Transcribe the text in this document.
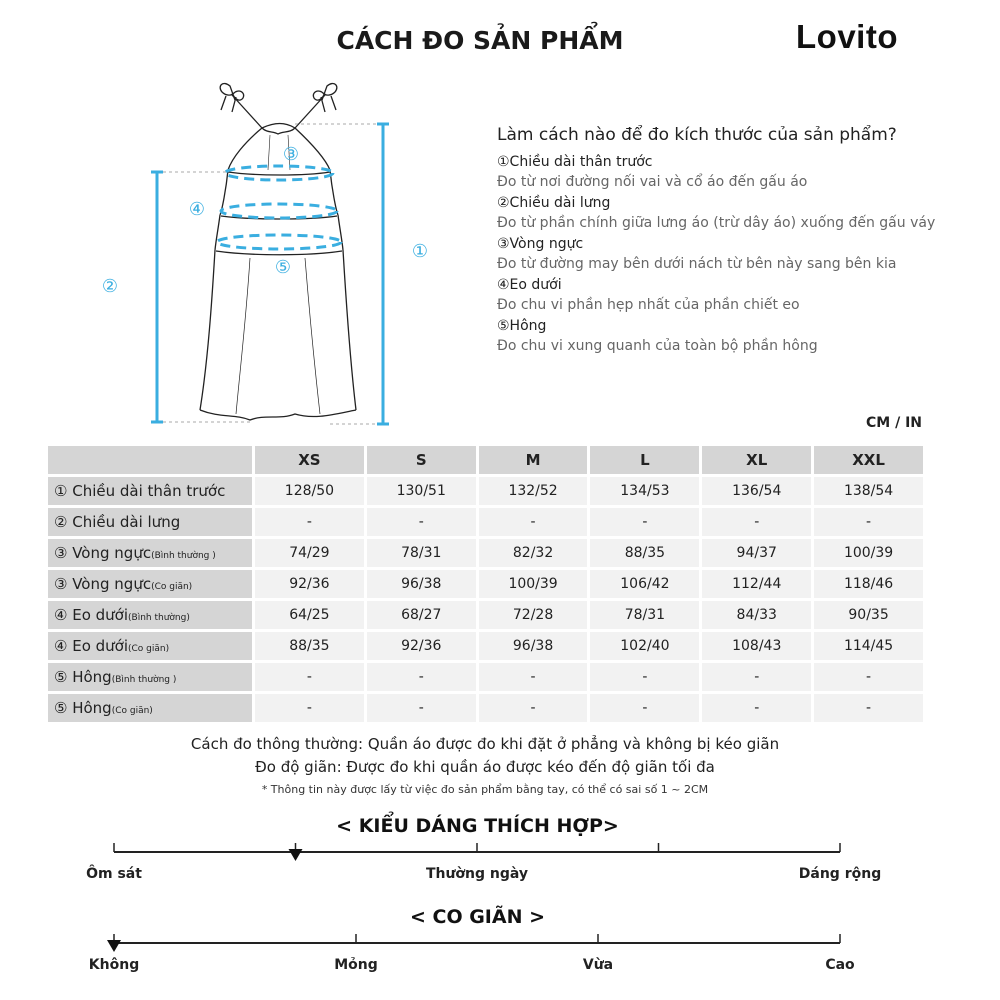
CÁCH ĐO SẢN PHẨM	Lovito
①
②
③
④
⑤
Làm cách nào để đo kích thước của sản phẩm?
①Chiều dài thân trước
Đo từ nơi đường nối vai và cổ áo đến gấu áo
②Chiều dài lưng
Đo từ phần chính giữa lưng áo (trừ dây áo) xuống đến gấu váy
③Vòng ngực
Đo từ đường may bên dưới nách từ bên này sang bên kia
④Eo dưới
Đo chu vi phần hẹp nhất của phần chiết eo
⑤Hông
Đo chu vi xung quanh của toàn bộ phần hông
CM / IN
	XS	S	M	L	XL	XXL
① Chiều dài thân trước	128/50	130/51	132/52	134/53	136/54	138/54
② Chiều dài lưng	-	-	-	-	-	-
③ Vòng ngực(Bình thường )	74/29	78/31	82/32	88/35	94/37	100/39
③ Vòng ngực(Co giãn)	92/36	96/38	100/39	106/42	112/44	118/46
④ Eo dưới(Bình thường)	64/25	68/27	72/28	78/31	84/33	90/35
④ Eo dưới(Co giãn)	88/35	92/36	96/38	102/40	108/43	114/45
⑤ Hông(Bình thường )	-	-	-	-	-	-
⑤ Hông(Co giãn)	-	-	-	-	-	-
Cách đo thông thường: Quần áo được đo khi đặt ở phẳng và không bị kéo giãn
Đo độ giãn: Được đo khi quần áo được kéo đến độ giãn tối đa
* Thông tin này được lấy từ việc đo sản phẩm bằng tay, có thể có sai số 1 ~ 2CM
< KIỂU DÁNG THÍCH HỢP>
< CO GIÃN >
Ôm sát	Thường ngày	Dáng rộng
Không	Mỏng	Vừa	Cao
